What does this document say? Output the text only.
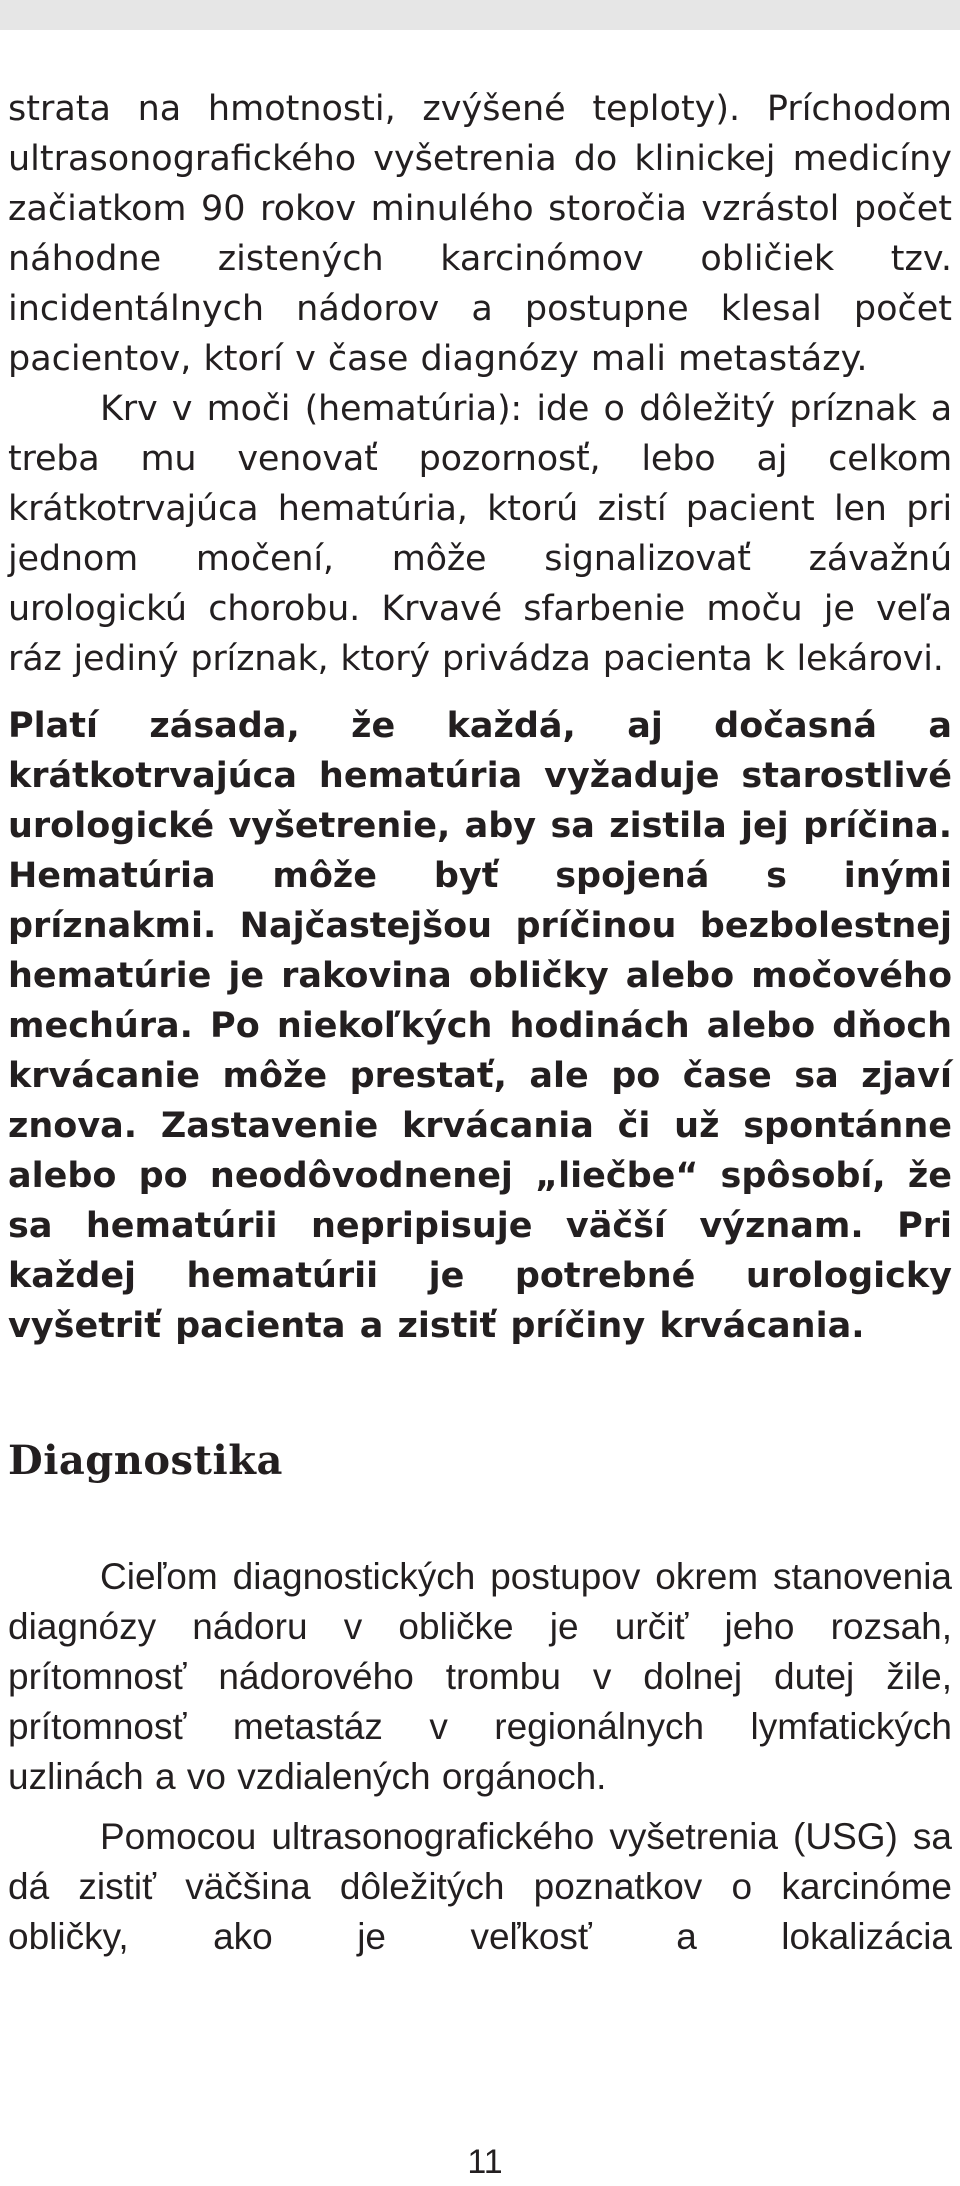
strata na hmotnosti, zvýšené teploty). Príchodom ultrasonografického vyšetrenia do klinickej medicíny začiatkom 90 rokov minulého storočia vzrástol počet náhodne zistených karcinómov obličiek tzv. incidentálnych nádorov a postupne klesal počet pacientov, ktorí v čase diagnózy mali metastázy.

Krv v moči (hematúria): ide o dôležitý príznak a treba mu venovať pozornosť, lebo aj celkom krátkotrvajúca hematúria, ktorú zistí pacient len pri jednom močení, môže signalizovať závažnú urologickú chorobu. Krvavé sfarbenie moču je veľa ráz jediný príznak, ktorý privádza pacienta k lekárovi.

Platí zásada, že každá, aj dočasná a krátkotrvajúca hematúria vyžaduje starostlivé urologické vyšetrenie, aby sa zistila jej príčina. Hematúria môže byť spojená s inými príznakmi. Najčastejšou príčinou bezbolestnej hematúrie je rakovina obličky alebo močového mechúra. Po niekoľkých hodinách alebo dňoch krvácanie môže prestať, ale po čase sa zjaví znova. Zastavenie krvácania či už spontánne alebo po neodôvodnenej „liečbe“ spôsobí, že sa hematúrii nepripisuje väčší význam. Pri každej hematúrii je potrebné urologicky vyšetriť pacienta a zistiť príčiny krvácania.

Diagnostika

Cieľom diagnostických postupov okrem stanovenia diagnózy nádoru v obličke je určiť jeho rozsah, prítomnosť nádorového trombu v dolnej dutej žile, prítomnosť metastáz v regionálnych lymfatických uzlinách a vo vzdialených orgánoch.

Pomocou ultrasonografického vyšetrenia (USG) sa dá zistiť väčšina dôležitých poznatkov o karcinóme obličky, ako je veľkosť a lokalizácia

11
